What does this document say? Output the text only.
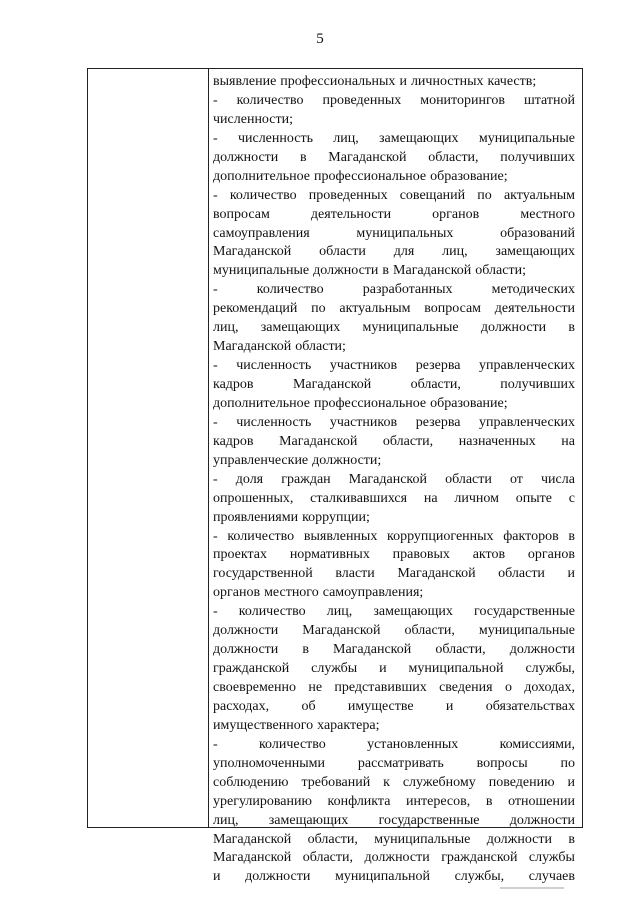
5
выявление профессиональных и личностных качеств;
- количество проведенных мониторингов штатной
численности;
- численность лиц, замещающих муниципальные
должности в Магаданской области, получивших
дополнительное профессиональное образование;
- количество проведенных совещаний по актуальным
вопросам	деятельности	органов	местного
самоуправления	муниципальных	образований
Магаданской области для лиц, замещающих
муниципальные должности в Магаданской области;
-	количество	разработанных	методических
рекомендаций по актуальным вопросам деятельности
лиц, замещающих муниципальные должности в
Магаданской области;
- численность участников резерва управленческих
кадров	Магаданской	области,	получивших
дополнительное профессиональное образование;
- численность участников резерва управленческих
кадров Магаданской области, назначенных на
управленческие должности;
- доля граждан Магаданской области от числа
опрошенных, сталкивавшихся на личном опыте с
проявлениями коррупции;
- количество выявленных коррупциогенных факторов в
проектах нормативных правовых актов органов
государственной власти Магаданской области и
органов местного самоуправления;
- количество лиц, замещающих государственные
должности Магаданской области, муниципальные
должности в Магаданской области, должности
гражданской службы и муниципальной службы,
своевременно не представивших сведения о доходах,
расходах, об имуществе и обязательствах
имущественного характера;
-	количество	установленных	комиссиями,
уполномоченными рассматривать вопросы по
соблюдению требований к служебному поведению и
урегулированию конфликта интересов, в отношении
лиц, замещающих государственные должности
Магаданской области, муниципальные должности в
Магаданской области, должности гражданской службы
и должности муниципальной службы, случаев
